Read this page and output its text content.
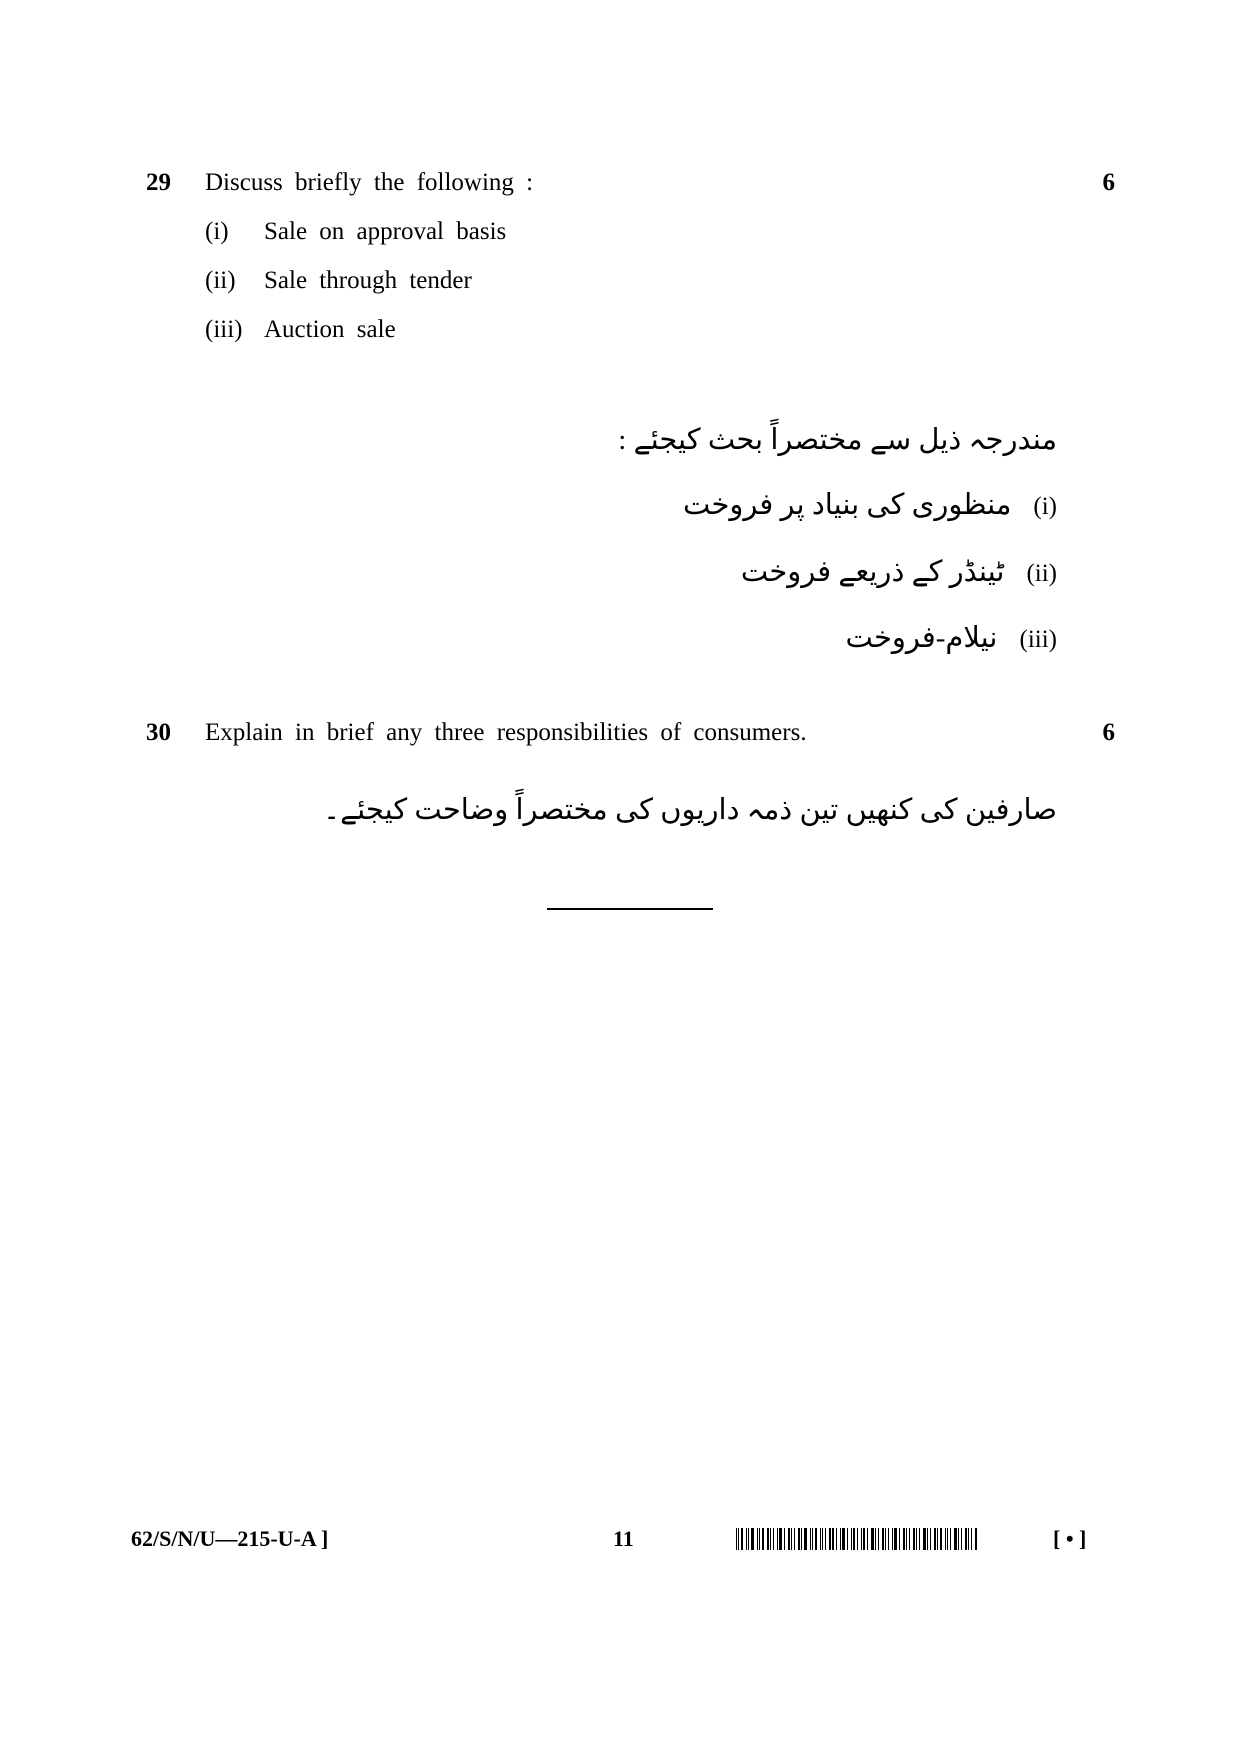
29 Discuss briefly the following :	6
(i)	Sale on approval basis
(ii)	Sale through tender
(iii) Auction sale
مندرجہ ذیل سے مختصراً بحث کیجئے :
(i)
منظوری کی بنیاد پر فروخت
(ii)
ٹینڈر کے ذریعے فروخت
(iii)
نیلام-فروخت
30 Explain in brief any three responsibilities of consumers.	6
صارفین کی کنھیں تین ذمہ داریوں کی مختصراً وضاحت کیجئے۔
62/S/N/U—215-U-A ]	11	[ • ]
